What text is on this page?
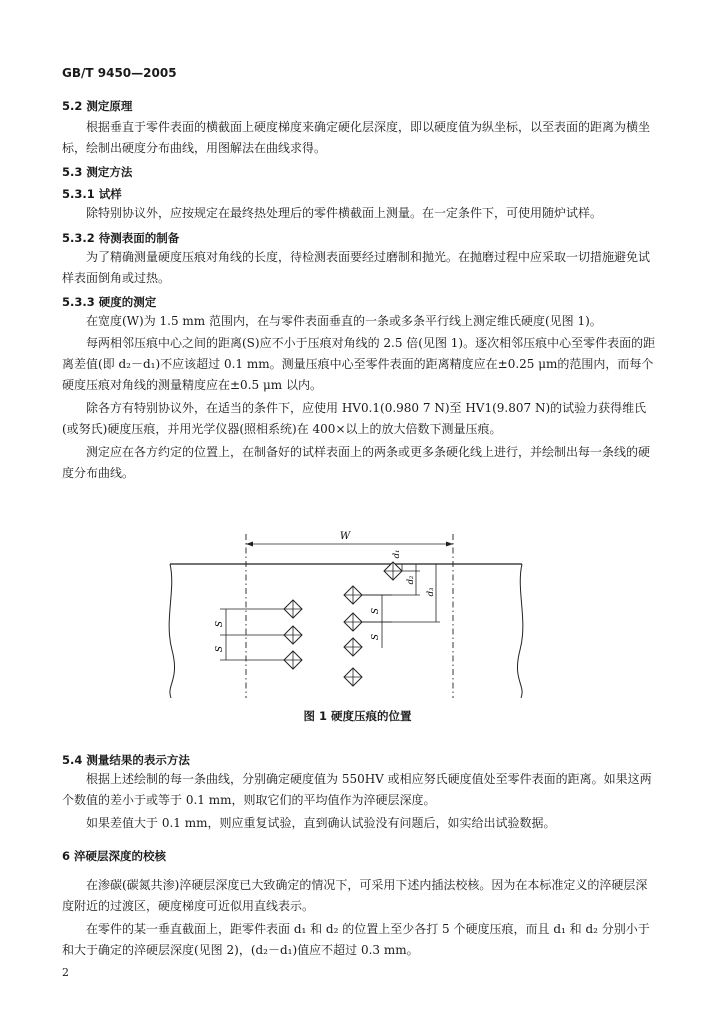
GB/T 9450—2005
5.2 测定原理
根据垂直于零件表面的横截面上硬度梯度来确定硬化层深度，即以硬度值为纵坐标，以至表面的距离为横坐标，绘制出硬度分布曲线，用图解法在曲线求得。
5.3 测定方法
5.3.1 试样
除特别协议外，应按规定在最终热处理后的零件横截面上测量。在一定条件下，可使用随炉试样。
5.3.2 待测表面的制备
为了精确测量硬度压痕对角线的长度，待检测表面要经过磨制和抛光。在抛磨过程中应采取一切措施避免试样表面倒角或过热。
5.3.3 硬度的测定
在宽度(W)为 1.5 mm 范围内，在与零件表面垂直的一条或多条平行线上测定维氏硬度(见图 1)。
每两相邻压痕中心之间的距离(S)应不小于压痕对角线的 2.5 倍(见图 1)。逐次相邻压痕中心至零件表面的距离差值(即 d₂－d₁)不应该超过 0.1 mm。测量压痕中心至零件表面的距离精度应在±0.25 μm的范围内，而每个硬度压痕对角线的测量精度应在±0.5 μm 以内。
除各方有特别协议外，在适当的条件下，应使用 HV0.1(0.980 7 N)至 HV1(9.807 N)的试验力获得维氏(或努氏)硬度压痕，并用光学仪器(照相系统)在 400×以上的放大倍数下测量压痕。
测定应在各方约定的位置上，在制备好的试样表面上的两条或更多条硬化线上进行，并绘制出每一条线的硬度分布曲线。
W
S
S
S
S
d₁
d₂
d₃
图 1 硬度压痕的位置
5.4 测量结果的表示方法
根据上述绘制的每一条曲线，分别确定硬度值为 550HV 或相应努氏硬度值处至零件表面的距离。如果这两个数值的差小于或等于 0.1 mm，则取它们的平均值作为淬硬层深度。
如果差值大于 0.1 mm，则应重复试验，直到确认试验没有问题后，如实给出试验数据。
6 淬硬层深度的校核
在渗碳(碳氮共渗)淬硬层深度已大致确定的情况下，可采用下述内插法校核。因为在本标准定义的淬硬层深度附近的过渡区，硬度梯度可近似用直线表示。
在零件的某一垂直截面上，距零件表面 d₁ 和 d₂ 的位置上至少各打 5 个硬度压痕，而且 d₁ 和 d₂ 分别小于和大于确定的淬硬层深度(见图 2)，(d₂－d₁)值应不超过 0.3 mm。
2
